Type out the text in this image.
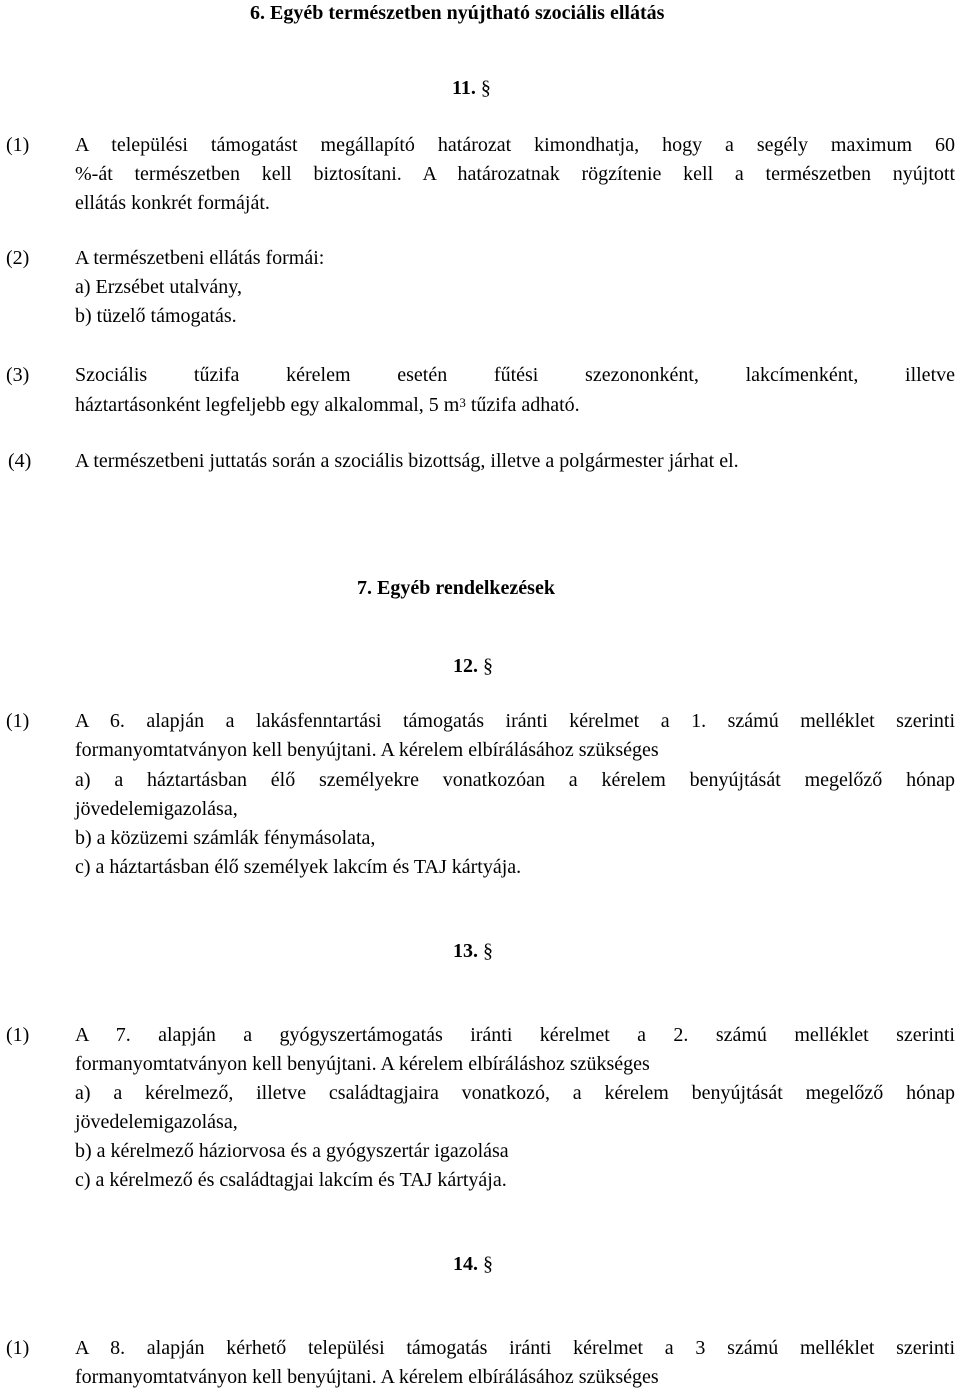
6. Egyéb természetben nyújtható szociális ellátás
11. §
(1) A települési támogatást megállapító határozat kimondhatja, hogy a segély maximum 60
%-át természetben kell biztosítani. A határozatnak rögzítenie kell a természetben nyújtott
ellátás konkrét formáját.
(2) A természetbeni ellátás formái:
a) Erzsébet utalvány,
b) tüzelő támogatás.
(3) Szociális tűzifa kérelem esetén fűtési szezononként, lakcímenként, illetve
háztartásonként legfeljebb egy alkalommal, 5 $m^3$ tűzifa adható.
(4) A természetbeni juttatás során a szociális bizottság, illetve a polgármester járhat el.
7. Egyéb rendelkezések
12. §
(1) A 6. alapján a lakásfenntartási támogatás iránti kérelmet a 1. számú melléklet szerinti
formanyomtatványon kell benyújtani. A kérelem elbírálásához szükséges
a) a háztartásban élő személyekre vonatkozóan a kérelem benyújtását megelőző hónap
jövedelemigazolása,
b) a közüzemi számlák fénymásolata,
c) a háztartásban élő személyek lakcím és TAJ kártyája.
13. §
(1) A 7. alapján a gyógyszertámogatás iránti kérelmet a 2. számú melléklet szerinti
formanyomtatványon kell benyújtani. A kérelem elbíráláshoz szükséges
a) a kérelmező, illetve családtagjaira vonatkozó, a kérelem benyújtását megelőző hónap
jövedelemigazolása,
b) a kérelmező háziorvosa és a gyógyszertár igazolása
c) a kérelmező és családtagjai lakcím és TAJ kártyája.
14. §
(1) A 8. alapján kérhető települési támogatás iránti kérelmet a 3 számú melléklet szerinti
formanyomtatványon kell benyújtani. A kérelem elbírálásához szükséges
